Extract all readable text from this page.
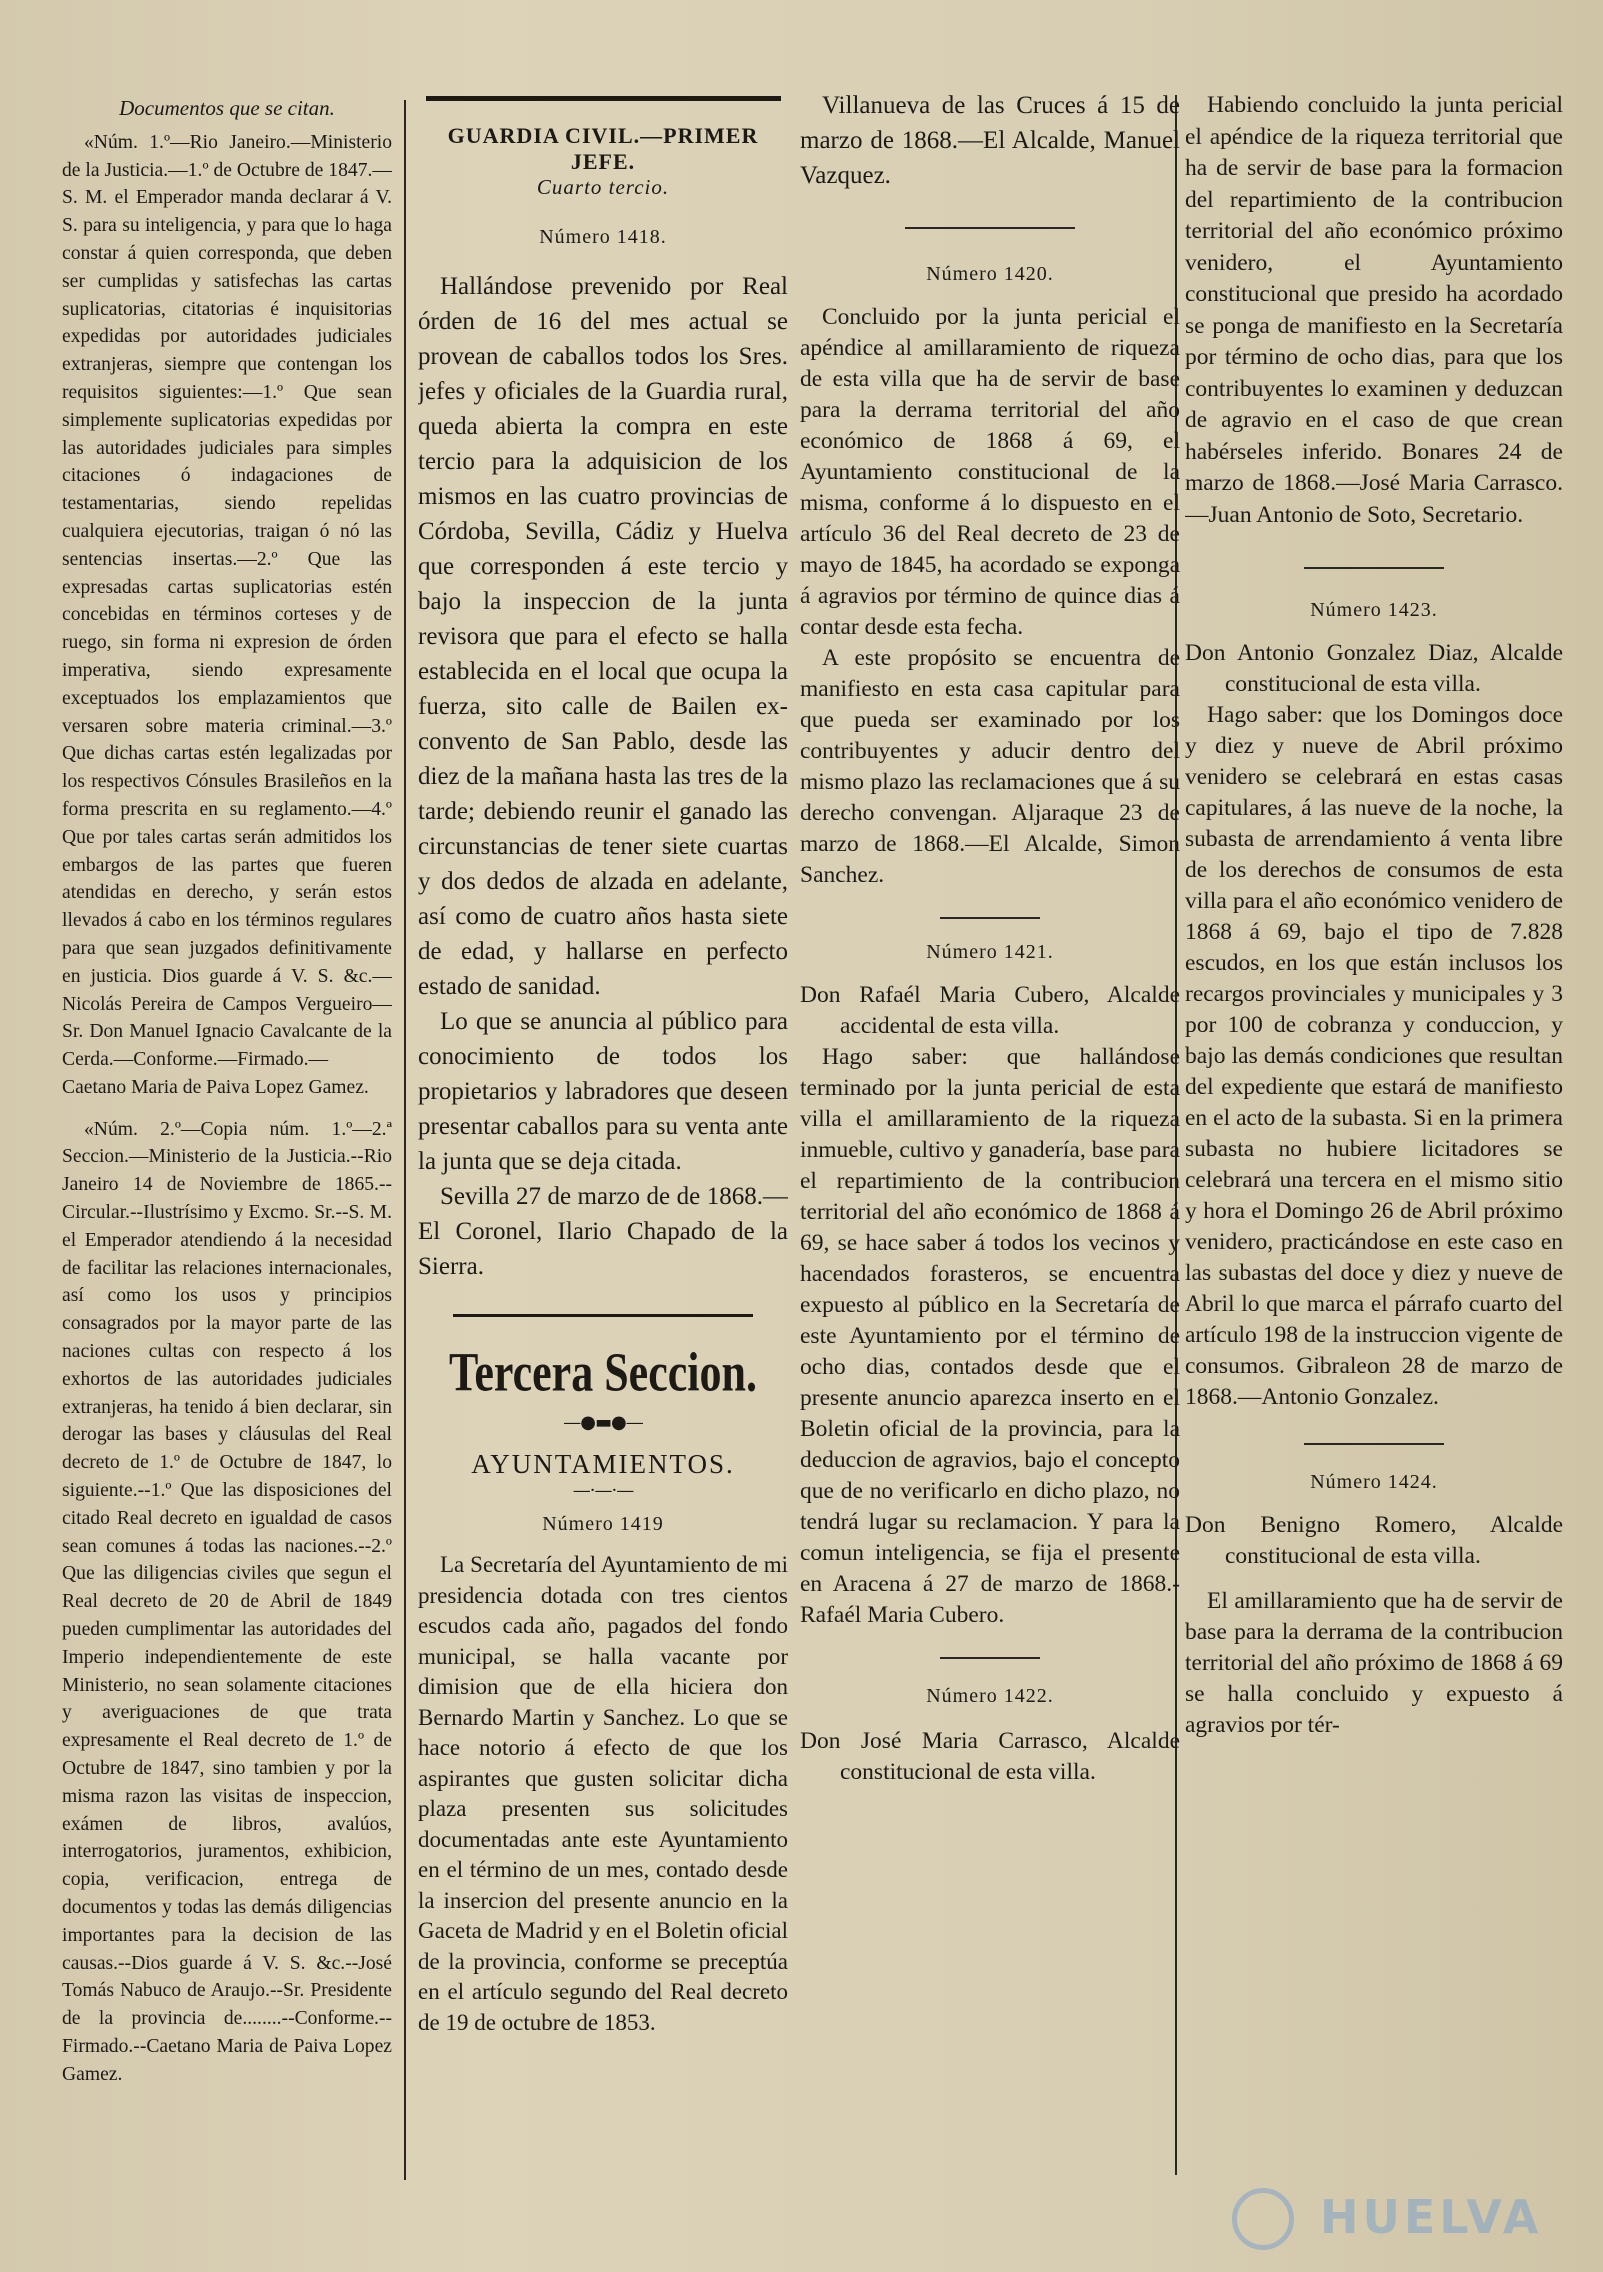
Documentos que se citan.

«Núm. 1.º—Rio Janeiro.—Ministerio de la Justicia.—1.º de Octubre de 1847.—S. M. el Emperador manda declarar á V. S. para su inteligencia, y para que lo haga constar á quien corresponda, que deben ser cumplidas y satisfechas las cartas suplicatorias, citatorias é inquisitorias expedidas por autoridades judiciales extranjeras, siempre que contengan los requisitos siguientes:—1.º Que sean simplemente suplicatorias expedidas por las autoridades judiciales para simples citaciones ó indagaciones de testamentarias, siendo repelidas cualquiera ejecutorias, traigan ó nó las sentencias insertas.—2.º Que las expresadas cartas suplicatorias estén concebidas en términos corteses y de ruego, sin forma ni expresion de órden imperativa, siendo expresamente exceptuados los emplazamientos que versaren sobre materia criminal.—3.º Que dichas cartas estén legalizadas por los respectivos Cónsules Brasileños en la forma prescrita en su reglamento.—4.º Que por tales cartas serán admitidos los embargos de las partes que fueren atendidas en derecho, y serán estos llevados á cabo en los términos regulares para que sean juzgados definitivamente en justicia. Dios guarde á V. S. &c.—Nicolás Pereira de Campos Vergueiro—Sr. Don Manuel Ignacio Cavalcante de la Cerda.—Conforme.—Firmado.—Caetano Maria de Paiva Lopez Gamez.

«Núm. 2.º—Copia núm. 1.º—2.ª Seccion.—Ministerio de la Justicia.--Rio Janeiro 14 de Noviembre de 1865.--Circular.--Ilustrísimo y Excmo. Sr.--S. M. el Emperador atendiendo á la necesidad de facilitar las relaciones internacionales, así como los usos y principios consagrados por la mayor parte de las naciones cultas con respecto á los exhortos de las autoridades judiciales extranjeras, ha tenido á bien declarar, sin derogar las bases y cláusulas del Real decreto de 1.º de Octubre de 1847, lo siguiente.--1.º Que las disposiciones del citado Real decreto en igualdad de casos sean comunes á todas las naciones.--2.º Que las diligencias civiles que segun el Real decreto de 20 de Abril de 1849 pueden cumplimentar las autoridades del Imperio independientemente de este Ministerio, no sean solamente citaciones y averiguaciones de que trata expresamente el Real decreto de 1.º de Octubre de 1847, sino tambien y por la misma razon las visitas de inspeccion, exámen de libros, avalúos, interrogatorios, juramentos, exhibicion, copia, verificacion, entrega de documentos y todas las demás diligencias importantes para la decision de las causas.--Dios guarde á V. S. &c.--José Tomás Nabuco de Araujo.--Sr. Presidente de la provincia de........--Conforme.--Firmado.--Caetano Maria de Paiva Lopez Gamez.

GUARDIA CIVIL.—PRIMER JEFE.

Cuarto tercio.

Número 1418.

Hallándose prevenido por Real órden de 16 del mes actual se provean de caballos todos los Sres. jefes y oficiales de la Guardia rural, queda abierta la compra en este tercio para la adquisicion de los mismos en las cuatro provincias de Córdoba, Sevilla, Cádiz y Huelva que corresponden á este tercio y bajo la inspeccion de la junta revisora que para el efecto se halla establecida en el local que ocupa la fuerza, sito calle de Bailen ex-convento de San Pablo, desde las diez de la mañana hasta las tres de la tarde; debiendo reunir el ganado las circunstancias de tener siete cuartas y dos dedos de alzada en adelante, así como de cuatro años hasta siete de edad, y hallarse en perfecto estado de sanidad.

Lo que se anuncia al público para conocimiento de todos los propietarios y labradores que deseen presentar caballos para su venta ante la junta que se deja citada.

Sevilla 27 de marzo de de 1868.—El Coronel, Ilario Chapado de la Sierra.

Tercera Seccion.

—●▬●—

AYUNTAMIENTOS.

—·—·—

Número 1419

La Secretaría del Ayuntamiento de mi presidencia dotada con tres cientos escudos cada año, pagados del fondo municipal, se halla vacante por dimision que de ella hiciera don Bernardo Martin y Sanchez. Lo que se hace notorio á efecto de que los aspirantes que gusten solicitar dicha plaza presenten sus solicitudes documentadas ante este Ayuntamiento en el término de un mes, contado desde la insercion del presente anuncio en la Gaceta de Madrid y en el Boletin oficial de la provincia, conforme se preceptúa en el artículo segundo del Real decreto de 19 de octubre de 1853.

Villanueva de las Cruces á 15 de marzo de 1868.—El Alcalde, Manuel Vazquez.

Número 1420.

Concluido por la junta pericial el apéndice al amillaramiento de riqueza de esta villa que ha de servir de base para la derrama territorial del año económico de 1868 á 69, el Ayuntamiento constitucional de la misma, conforme á lo dispuesto en el artículo 36 del Real decreto de 23 de mayo de 1845, ha acordado se exponga á agravios por término de quince dias á contar desde esta fecha.

A este propósito se encuentra de manifiesto en esta casa capitular para que pueda ser examinado por los contribuyentes y aducir dentro del mismo plazo las reclamaciones que á su derecho convengan. Aljaraque 23 de marzo de 1868.—El Alcalde, Simon Sanchez.

Número 1421.

Don Rafaél Maria Cubero, Alcalde accidental de esta villa.

Hago saber: que hallándose terminado por la junta pericial de esta villa el amillaramiento de la riqueza inmueble, cultivo y ganadería, base para el repartimiento de la contribucion territorial del año económico de 1868 á 69, se hace saber á todos los vecinos y hacendados forasteros, se encuentra expuesto al público en la Secretaría de este Ayuntamiento por el término de ocho dias, contados desde que el presente anuncio aparezca inserto en el Boletin oficial de la provincia, para la deduccion de agravios, bajo el concepto que de no verificarlo en dicho plazo, no tendrá lugar su reclamacion. Y para la comun inteligencia, se fija el presente en Aracena á 27 de marzo de 1868.-Rafaél Maria Cubero.

Número 1422.

Don José Maria Carrasco, Alcalde constitucional de esta villa.

Habiendo concluido la junta pericial el apéndice de la riqueza territorial que ha de servir de base para la formacion del repartimiento de la contribucion territorial del año económico próximo venidero, el Ayuntamiento constitucional que presido ha acordado se ponga de manifiesto en la Secretaría por término de ocho dias, para que los contribuyentes lo examinen y deduzcan de agravio en el caso de que crean habérseles inferido. Bonares 24 de marzo de 1868.—José Maria Carrasco.—Juan Antonio de Soto, Secretario.

Número 1423.

Don Antonio Gonzalez Diaz, Alcalde constitucional de esta villa.

Hago saber: que los Domingos doce y diez y nueve de Abril próximo venidero se celebrará en estas casas capitulares, á las nueve de la noche, la subasta de arrendamiento á venta libre de los derechos de consumos de esta villa para el año económico venidero de 1868 á 69, bajo el tipo de 7.828 escudos, en los que están inclusos los recargos provinciales y municipales y 3 por 100 de cobranza y conduccion, y bajo las demás condiciones que resultan del expediente que estará de manifiesto en el acto de la subasta. Si en la primera subasta no hubiere licitadores se celebrará una tercera en el mismo sitio y hora el Domingo 26 de Abril próximo venidero, practicándose en este caso en las subastas del doce y diez y nueve de Abril lo que marca el párrafo cuarto del artículo 198 de la instruccion vigente de consumos. Gibraleon 28 de marzo de 1868.—Antonio Gonzalez.

Número 1424.

Don Benigno Romero, Alcalde constitucional de esta villa.

El amillaramiento que ha de servir de base para la derrama de la contribucion territorial del año próximo de 1868 á 69 se halla concluido y expuesto á agravios por tér-

HUELVA
